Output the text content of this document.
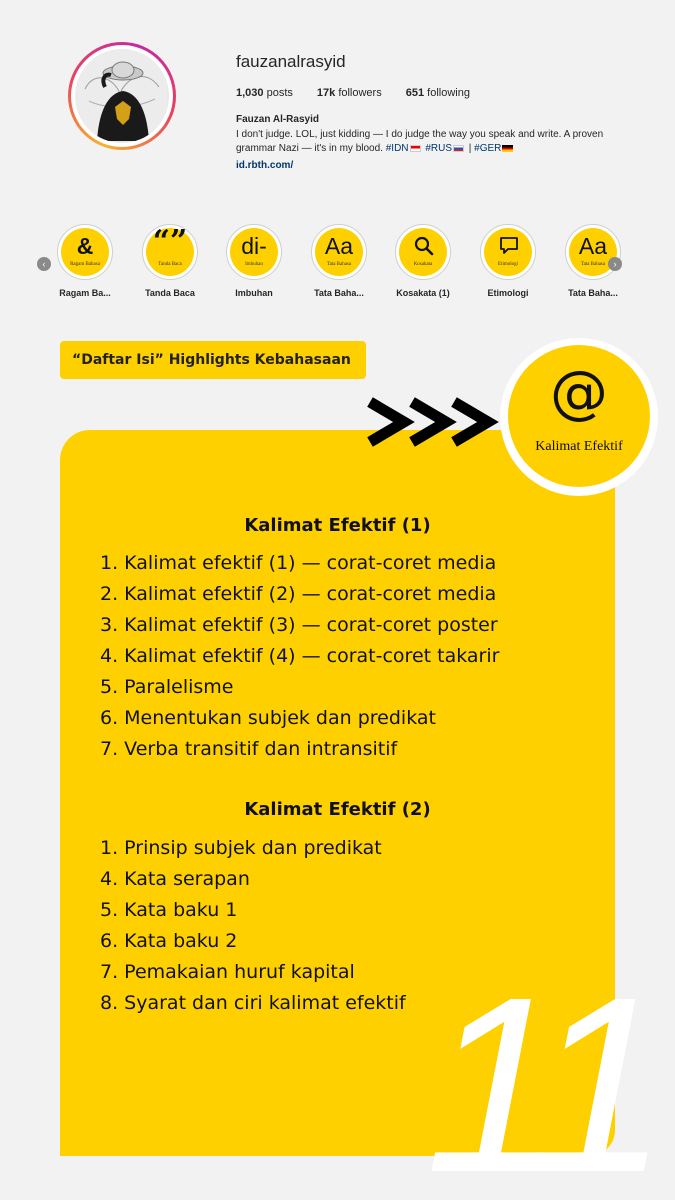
fauzanalrasyid
1,030 posts 17k followers 651 following
Fauzan Al-Rasyid
I don't judge. LOL, just kidding — I do judge the way you speak and write. A proven grammar Nazi — it's in my blood. #IDN #RUS | #GER
id.rbth.com/
‹
&
Ragam Bahasa
Ragam Ba...
“”
Tanda Baca
Tanda Baca
di-
Imbuhan
Imbuhan
Aa
Tata Bahasa
Tata Baha...
Kosakata
Kosakata (1)
Etimologi
Etimologi
Aa
Tata Bahasa
Tata Baha...
›
“Daftar Isi” Highlights Kebahasaan
11
@
Kalimat Efektif
Kalimat Efektif (1)
1. Kalimat efektif (1) — corat-coret media
2. Kalimat efektif (2) — corat-coret media
3. Kalimat efektif (3) — corat-coret poster
4. Kalimat efektif (4) — corat-coret takarir
5. Paralelisme
6. Menentukan subjek dan predikat
7. Verba transitif dan intransitif
Kalimat Efektif (2)
1. Prinsip subjek dan predikat
4. Kata serapan
5. Kata baku 1
6. Kata baku 2
7. Pemakaian huruf kapital
8. Syarat dan ciri kalimat efektif
